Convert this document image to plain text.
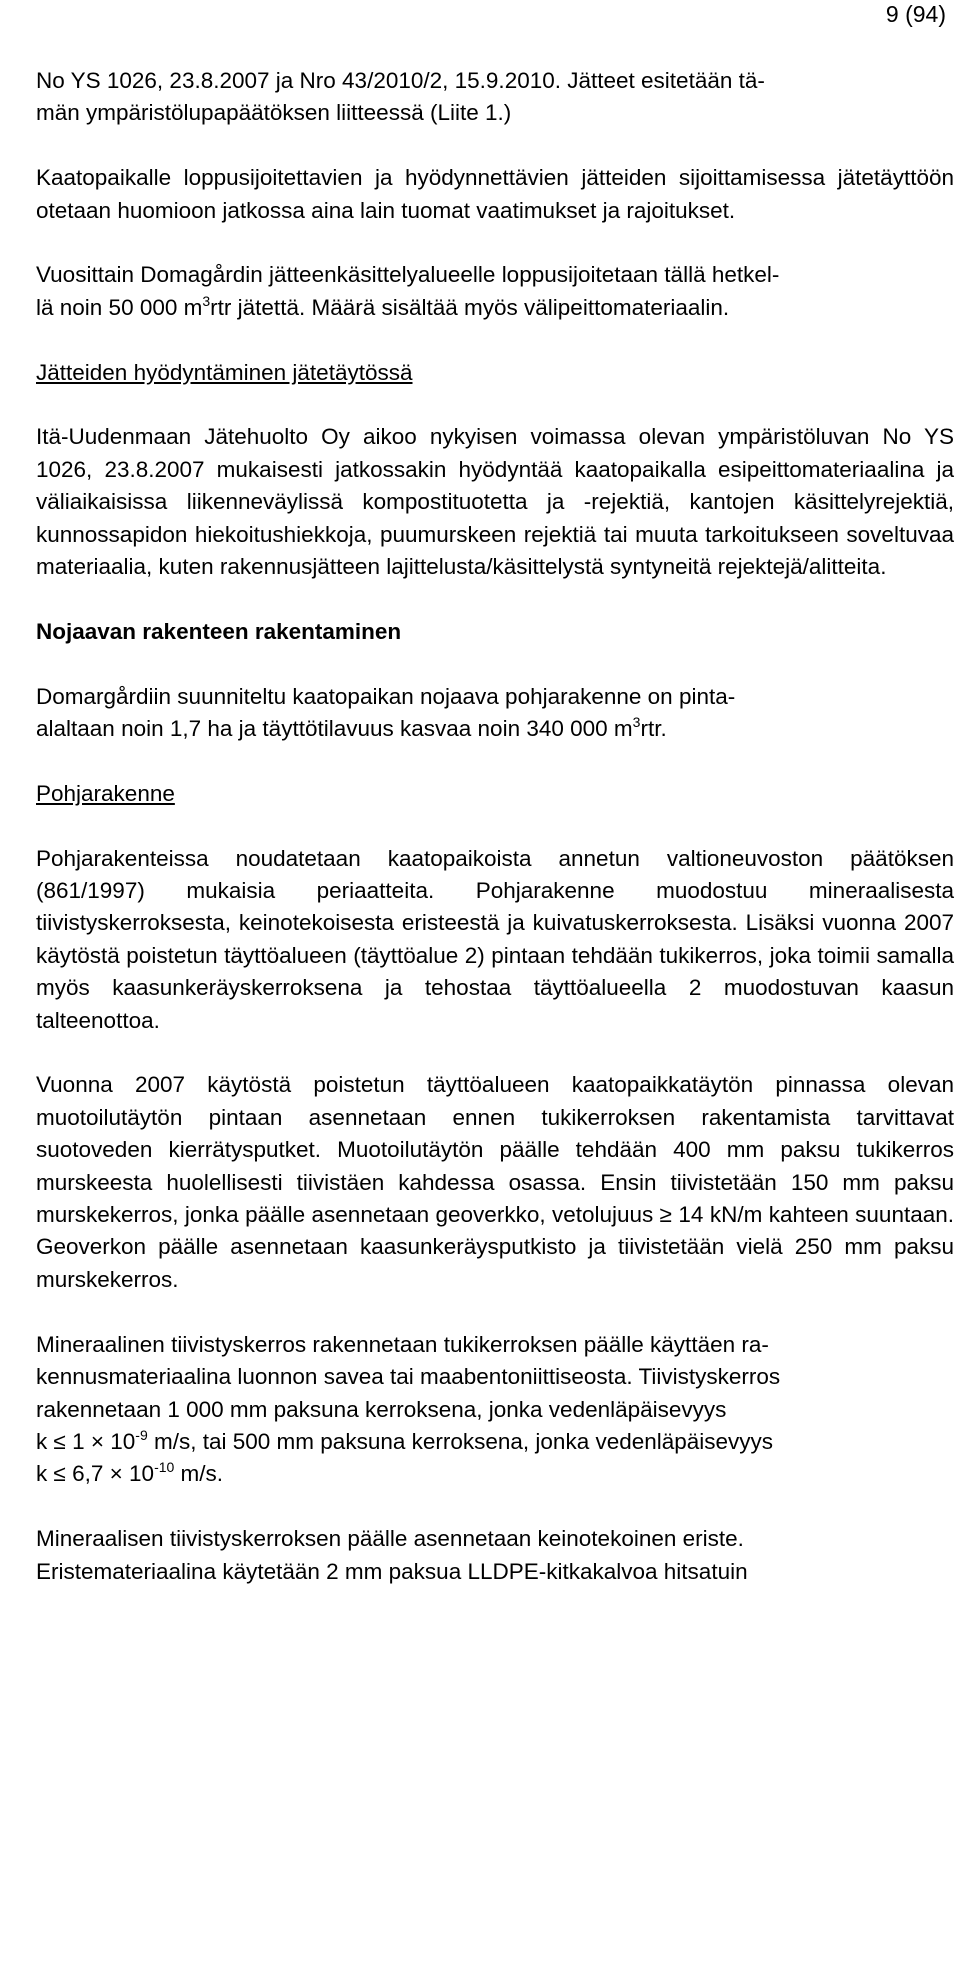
9 (94)

No YS 1026, 23.8.2007 ja Nro 43/2010/2, 15.9.2010. Jätteet esitetään tä-
män ympäristölupapäätöksen liitteessä (Liite 1.)

Kaatopaikalle loppusijoitettavien ja hyödynnettävien jätteiden sijoittamisessa jätetäyttöön otetaan huomioon jatkossa aina lain tuomat vaatimukset ja rajoitukset.

Vuosittain Domagårdin jätteenkäsittelyalueelle loppusijoitetaan tällä hetkel-
lä noin 50 000 $m^3rtr$ jätettä. Määrä sisältää myös välipeittomateriaalin.

Jätteiden hyödyntäminen jätetäytössä

Itä-Uudenmaan Jätehuolto Oy aikoo nykyisen voimassa olevan ympäristöluvan No YS 1026, 23.8.2007 mukaisesti jatkossakin hyödyntää kaatopaikalla esipeittomateriaalina ja väliaikaisissa liikenneväylissä kompostituotetta ja -rejektiä, kantojen käsittelyrejektiä, kunnossapidon hiekoitushiekkoja, puumurskeen rejektiä tai muuta tarkoitukseen soveltuvaa materiaalia, kuten rakennusjätteen lajittelusta/käsittelystä syntyneitä rejektejä/alitteita.

Nojaavan rakenteen rakentaminen

Domargårdiin suunniteltu kaatopaikan nojaava pohjarakenne on pinta-
alaltaan noin 1,7 ha ja täyttötilavuus kasvaa noin 340 000 $m^3rtr$.

Pohjarakenne

Pohjarakenteissa noudatetaan kaatopaikoista annetun valtioneuvoston päätöksen (861/1997) mukaisia periaatteita. Pohjarakenne muodostuu mineraalisesta tiivistyskerroksesta, keinotekoisesta eristeestä ja kuivatuskerroksesta. Lisäksi vuonna 2007 käytöstä poistetun täyttöalueen (täyttöalue 2) pintaan tehdään tukikerros, joka toimii samalla myös kaasunkeräyskerroksena ja tehostaa täyttöalueella 2 muodostuvan kaasun talteenottoa.

Vuonna 2007 käytöstä poistetun täyttöalueen kaatopaikkatäytön pinnassa olevan muotoilutäytön pintaan asennetaan ennen tukikerroksen rakentamista tarvittavat suotoveden kierrätysputket. Muotoilutäytön päälle tehdään 400 mm paksu tukikerros murskeesta huolellisesti tiivistäen kahdessa osassa. Ensin tiivistetään 150 mm paksu murskekerros, jonka päälle asennetaan geoverkko, vetolujuus ≥ 14 kN/m kahteen suuntaan. Geoverkon päälle asennetaan kaasunkeräysputkisto ja tiivistetään vielä 250 mm paksu murskekerros.

Mineraalinen tiivistyskerros rakennetaan tukikerroksen päälle käyttäen ra-
kennusmateriaalina luonnon savea tai maabentoniittiseosta. Tiivistyskerros
rakennetaan 1 000 mm paksuna kerroksena, jonka vedenläpäisevyys
$k \le 1 \times 10^{-9}$ m/s, tai 500 mm paksuna kerroksena, jonka vedenläpäisevyys
$k \le 6,7 \times 10^{-10}$ m/s.

Mineraalisen tiivistyskerroksen päälle asennetaan keinotekoinen eriste.
Eristemateriaalina käytetään 2 mm paksua LLDPE-kitkakalvoa hitsatuin
